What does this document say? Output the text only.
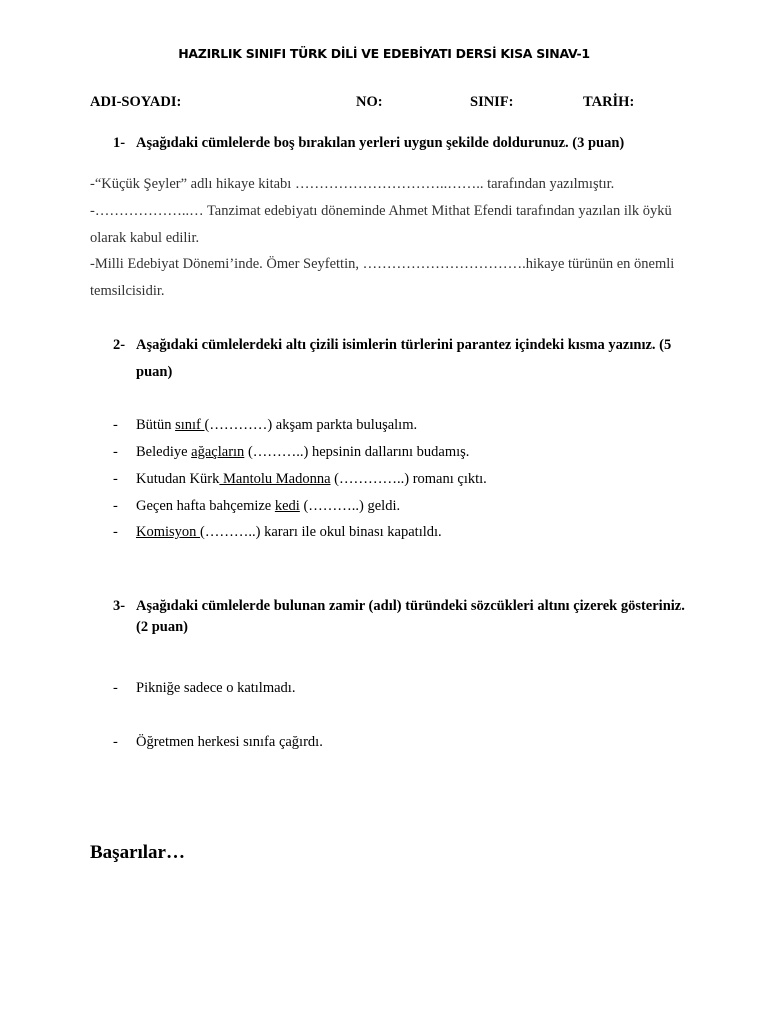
HAZIRLIK SINIFI TÜRK DİLİ VE EDEBİYATI DERSİ KISA SINAV-1
ADI-SOYADI:	NO:	SINIF:	TARİH:
1- Aşağıdaki cümlelerde boş bırakılan yerleri uygun şekilde doldurunuz. (3 puan)
-“Küçük Şeyler” adlı hikaye kitabı …………………………..…….. tarafından yazılmıştır.
-………………..… Tanzimat edebiyatı döneminde Ahmet Mithat Efendi tarafından yazılan ilk öykü
olarak kabul edilir.
-Milli Edebiyat Dönemi’inde. Ömer Seyfettin, …………………………….hikaye türünün en önemli
temsilcisidir.
2- Aşağıdaki cümlelerdeki altı çizili isimlerin türlerini parantez içindeki kısma yazınız. (5
puan)
- Bütün sınıf (…………) akşam parkta buluşalım.
- Belediye ağaçların (………..) hepsinin dallarını budamış.
- Kutudan Kürk Mantolu Madonna (…………..) romanı çıktı.
- Geçen hafta bahçemize kedi (………..) geldi.
- Komisyon (………..) kararı ile okul binası kapatıldı.
3- Aşağıdaki cümlelerde bulunan zamir (adıl) türündeki sözcükleri altını çizerek gösteriniz.
(2 puan)
- Pikniğe sadece o katılmadı.
- Öğretmen herkesi sınıfa çağırdı.
Başarılar…
